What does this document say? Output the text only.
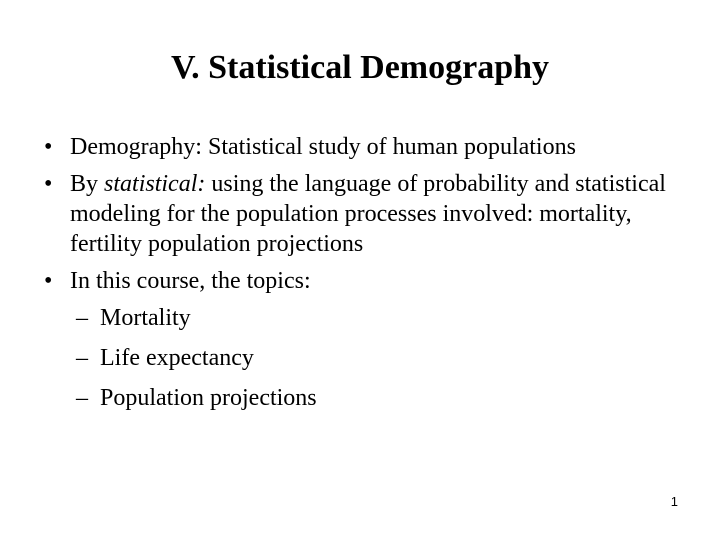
V. Statistical Demography
• Demography: Statistical study of human populations
• By statistical: using the language of probability and statistical modeling for the population processes involved: mortality, fertility population projections
• In this course, the topics:
– Mortality
– Life expectancy
– Population projections
1
